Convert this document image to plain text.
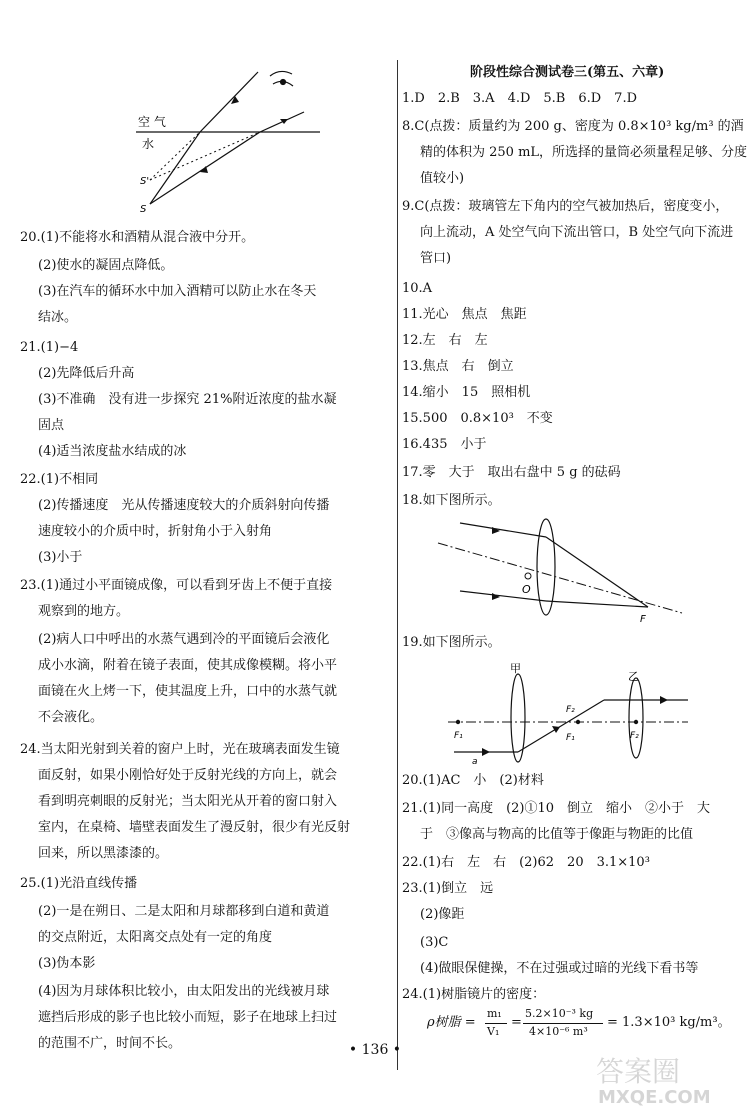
空 气
水
S'
S
20.(1)不能将水和酒精从混合液中分开。
(2)使水的凝固点降低。
(3)在汽车的循环水中加入酒精可以防止水在冬天
结冰。
21.(1)−4
(2)先降低后升高
(3)不准确　没有进一步探究 21%附近浓度的盐水凝
固点
(4)适当浓度盐水结成的冰
22.(1)不相同
(2)传播速度　光从传播速度较大的介质斜射向传播
速度较小的介质中时，折射角小于入射角
(3)小于
23.(1)通过小平面镜成像，可以看到牙齿上不便于直接
观察到的地方。
(2)病人口中呼出的水蒸气遇到冷的平面镜后会液化
成小水滴，附着在镜子表面，使其成像模糊。将小平
面镜在火上烤一下，使其温度上升，口中的水蒸气就
不会液化。
24.当太阳光射到关着的窗户上时，光在玻璃表面发生镜
面反射，如果小刚恰好处于反射光线的方向上，就会
看到明亮刺眼的反射光；当太阳光从开着的窗口射入
室内，在桌椅、墙壁表面发生了漫反射，很少有光反射
回来，所以黑漆漆的。
25.(1)光沿直线传播
(2)一是在朔日、二是太阳和月球都移到白道和黄道
的交点附近，太阳离交点处有一定的角度
(3)伪本影
(4)因为月球体积比较小，由太阳发出的光线被月球
遮挡后形成的影子也比较小而短，影子在地球上扫过
的范围不广，时间不长。
阶段性综合测试卷三(第五、六章)
1.D　2.B　3.A　4.D　5.B　6.D　7.D
8.C(点拨：质量约为 200 g、密度为 0.8×10³ kg/m³ 的酒
精的体积为 250 mL，所选择的量筒必须量程足够、分度
值较小)
9.C(点拨：玻璃管左下角内的空气被加热后，密度变小，
向上流动，A 处空气向下流出管口，B 处空气向下流进
管口)
10.A
11.光心　焦点　焦距
12.左　右　左
13.焦点　右　倒立
14.缩小　15　照相机
15.500　0.8×10³　不变
16.435　小于
17.零　大于　取出右盘中 5 g 的砝码
18.如下图所示。
19.如下图所示。
20.(1)AC　小　(2)材料
21.(1)同一高度　(2)①10　倒立　缩小　②小于　大
于　③像高与物高的比值等于像距与物距的比值
22.(1)右　左　右　(2)62　20　3.1×10³
23.(1)倒立　远
(2)像距
(3)C
(4)做眼保健操，不在过强或过暗的光线下看书等
24.(1)树脂镜片的密度：
O
F
甲
乙
F₁
F₂
F₁	F₂
a
ρ树脂 =
m₁
V₁
=
5.2×10⁻³ kg
4×10⁻⁶ m³
= 1.3×10³ kg/m³。
• 136 •
答案圈
MXQE.COM
